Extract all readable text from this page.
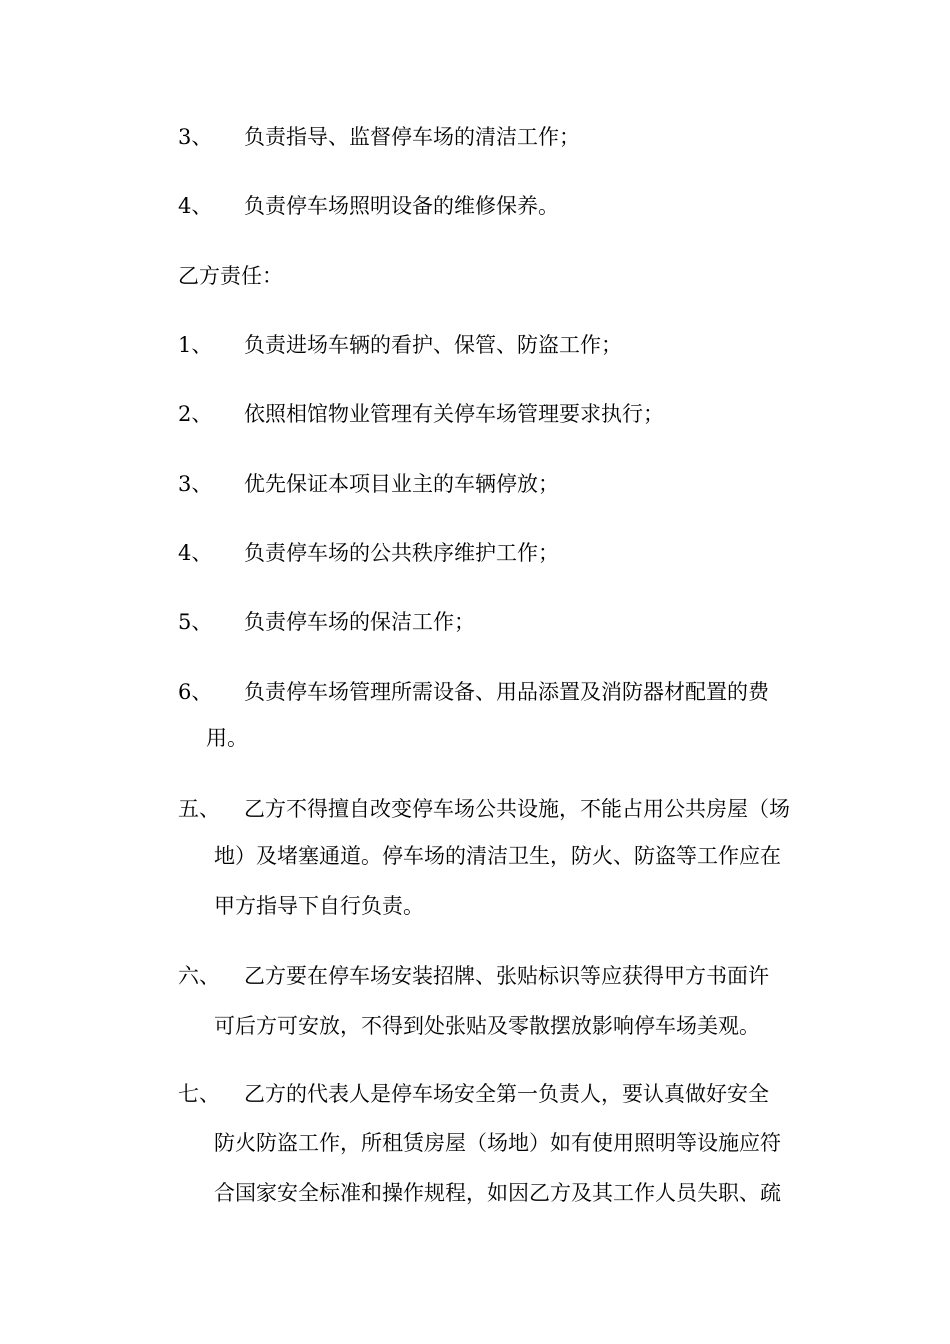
3、 负责指导、监督停车场的清洁工作；
4、 负责停车场照明设备的维修保养。
乙方责任：
1、 负责进场车辆的看护、保管、防盗工作；
2、 依照相馆物业管理有关停车场管理要求执行；
3、 优先保证本项目业主的车辆停放；
4、 负责停车场的公共秩序维护工作；
5、 负责停车场的保洁工作；
6、 负责停车场管理所需设备、用品添置及消防器材配置的费
用。
五、 乙方不得擅自改变停车场公共设施，不能占用公共房屋（场
地）及堵塞通道。停车场的清洁卫生，防火、防盗等工作应在
甲方指导下自行负责。
六、 乙方要在停车场安装招牌、张贴标识等应获得甲方书面许
可后方可安放，不得到处张贴及零散摆放影响停车场美观。
七、 乙方的代表人是停车场安全第一负责人，要认真做好安全
防火防盗工作，所租赁房屋（场地）如有使用照明等设施应符
合国家安全标准和操作规程，如因乙方及其工作人员失职、疏
